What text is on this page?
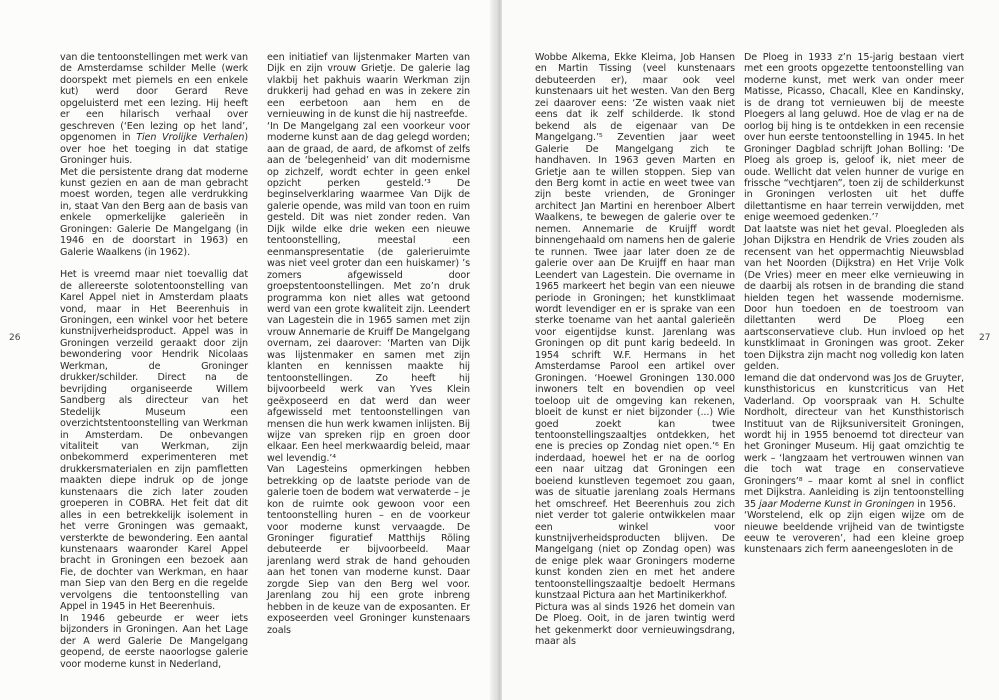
26

van die tentoonstellingen met werk van de Amsterdamse schilder Melle (werk doorspekt met piemels en een enkele kut) werd door Gerard Reve opgeluisterd met een lezing. Hij heeft er een hilarisch verhaal over geschreven (‘Een lezing op het land’, opgenomen in Tien Vrolijke Verhalen) over hoe het toeging in dat statige Groninger huis.

Met die persistente drang dat moderne kunst gezien en aan de man gebracht moest worden, tegen alle verdrukking in, staat Van den Berg aan de basis van enkele opmerkelijke galerieën in Groningen: Galerie De Mangelgang (in 1946 en de doorstart in 1963) en Galerie Waalkens (in 1962).

Het is vreemd maar niet toevallig dat de allereerste solotentoonstelling van Karel Appel niet in Amsterdam plaats vond, maar in Het Beerenhuis in Groningen, een winkel voor het betere kunstnijverheidsproduct. Appel was in Groningen verzeild geraakt door zijn bewondering voor Hendrik Nicolaas Werkman, de Groninger drukker/schilder. Direct na de bevrijding organiseerde Willem Sandberg als directeur van het Stedelijk Museum een overzichtstentoonstelling van Werkman in Amsterdam. De onbevangen vitaliteit van Werkman, zijn onbekommerd experimenteren met drukkersmaterialen en zijn pamfletten maakten diepe indruk op de jonge kunstenaars die zich later zouden groeperen in COBRA. Het feit dat dit alles in een betrekkelijk isolement in het verre Groningen was gemaakt, versterkte de bewondering. Een aantal kunstenaars waaronder Karel Appel bracht in Groningen een bezoek aan Fie, de dochter van Werkman, en haar man Siep van den Berg en die regelde vervolgens die tentoonstelling van Appel in 1945 in Het Beerenhuis.

In 1946 gebeurde er weer iets bijzonders in Groningen. Aan het Lage der A werd Galerie De Mangelgang geopend, de eerste naoorlogse galerie voor moderne kunst in Nederland,

een initiatief van lijstenmaker Marten van Dijk en zijn vrouw Grietje. De galerie lag vlakbij het pakhuis waarin Werkman zijn drukkerij had gehad en was in zekere zin een eerbetoon aan hem en de vernieuwing in de kunst die hij nastreefde.

‘In De Mangelgang zal een voorkeur voor moderne kunst aan de dag gelegd worden; aan de graad, de aard, de afkomst of zelfs aan de ‘belegenheid’ van dit modernisme op zichzelf, wordt echter in geen enkel opzicht perken gesteld.’³ De beginselverklaring waarmee Van Dijk de galerie opende, was mild van toon en ruim gesteld. Dit was niet zonder reden. Van Dijk wilde elke drie weken een nieuwe tentoonstelling, meestal een eenmanspresentatie (de galerieruimte was niet veel groter dan een huiskamer) ’s zomers afgewisseld door groepstentoonstellingen. Met zo’n druk programma kon niet alles wat getoond werd van een grote kwaliteit zijn. Leendert van Lagestein die in 1965 samen met zijn vrouw Annemarie de Kruiff De Mangelgang overnam, zei daarover: ‘Marten van Dijk was lijstenmaker en samen met zijn klanten en kennissen maakte hij tentoonstellingen. Zo heeft hij bijvoorbeeld werk van Yves Klein geëxposeerd en dat werd dan weer afgewisseld met tentoonstellingen van mensen die hun werk kwamen inlijsten. Bij wijze van spreken rijp en groen door elkaar. Een heel merkwaardig beleid, maar wel levendig.’⁴

Van Lagesteins opmerkingen hebben betrekking op de laatste periode van de galerie toen de bodem wat verwaterde – je kon de ruimte ook gewoon voor een tentoonstelling huren – en de voorkeur voor moderne kunst vervaagde. De Groninger figuratief Matthijs Röling debuteerde er bijvoorbeeld. Maar jarenlang werd strak de hand gehouden aan het tonen van moderne kunst. Daar zorgde Siep van den Berg wel voor. Jarenlang zou hij een grote inbreng hebben in de keuze van de exposanten. Er exposeerden veel Groninger kunstenaars zoals

27

Wobbe Alkema, Ekke Kleima, Job Hansen en Martin Tissing (veel kunstenaars debuteerden er), maar ook veel kunstenaars uit het westen. Van den Berg zei daarover eens: ‘Ze wisten vaak niet eens dat ik zelf schilderde. Ik stond bekend als de eigenaar van De Mangelgang.’⁵ Zeventien jaar weet Galerie De Mangelgang zich te handhaven. In 1963 geven Marten en Grietje aan te willen stoppen. Siep van den Berg komt in actie en weet twee van zijn beste vrienden, de Groninger architect Jan Martini en herenboer Albert Waalkens, te bewegen de galerie over te nemen. Annemarie de Kruijff wordt binnengehaald om namens hen de galerie te runnen. Twee jaar later doen ze de galerie over aan De Kruijff en haar man Leendert van Lagestein. Die overname in 1965 markeert het begin van een nieuwe periode in Groningen; het kunstklimaat wordt levendiger en er is sprake van een sterke toename van het aantal galerieën voor eigentijdse kunst. Jarenlang was Groningen op dit punt karig bedeeld. In 1954 schrift W.F. Hermans in het Amsterdamse Parool een artikel over Groningen. ‘Hoewel Groningen 130.000 inwoners telt en bovendien op veel toeloop uit de omgeving kan rekenen, bloeit de kunst er niet bijzonder (...) Wie goed zoekt kan twee tentoonstellingszaaltjes ontdekken, het ene is precies op Zondag niet open.’⁶ En inderdaad, hoewel het er na de oorlog een naar uitzag dat Groningen een boeiend kunstleven tegemoet zou gaan, was de situatie jarenlang zoals Hermans het omschreef. Het Beerenhuis zou zich niet verder tot galerie ontwikkelen maar een winkel voor kunstnijverheidsproducten blijven. De Mangelgang (niet op Zondag open) was de enige plek waar Groningers moderne kunst konden zien en met het andere tentoonstellingszaaltje bedoelt Hermans kunstzaal Pictura aan het Martinikerkhof.

Pictura was al sinds 1926 het domein van De Ploeg. Ooit, in de jaren twintig werd het gekenmerkt door vernieuwingsdrang, maar als

De Ploeg in 1933 z’n 15-jarig bestaan viert met een groots opgezette tentoonstelling van moderne kunst, met werk van onder meer Matisse, Picasso, Chacall, Klee en Kandinsky, is de drang tot vernieuwen bij de meeste Ploegers al lang geluwd. Hoe de vlag er na de oorlog bij hing is te ontdekken in een recensie over hun eerste tentoonstelling in 1945. In het Groninger Dagblad schrijft Johan Bolling: ‘De Ploeg als groep is, geloof ik, niet meer de oude. Wellicht dat velen hunner de vurige en frissche “vechtjaren”, toen zij de schilderkunst in Groningen verlosten uit het duffe dilettantisme en haar terrein verwijdden, met enige weemoed gedenken.’⁷

Dat laatste was niet het geval. Ploegleden als Johan Dijkstra en Hendrik de Vries zouden als recensent van het oppermachtig Nieuwsblad van het Noorden (Dijkstra) en Het Vrije Volk (De Vries) meer en meer elke vernieuwing in de daarbij als rotsen in de branding die stand hielden tegen het wassende modernisme. Door hun toedoen en de toestroom van dilettanten werd De Ploeg een aartsconservatieve club. Hun invloed op het kunstklimaat in Groningen was groot. Zeker toen Dijkstra zijn macht nog volledig kon laten gelden.

Iemand die dat ondervond was Jos de Gruyter, kunsthistoricus en kunstcriticus van Het Vaderland. Op voorspraak van H. Schulte Nordholt, directeur van het Kunsthistorisch Instituut van de Rijksuniversiteit Groningen, wordt hij in 1955 benoemd tot directeur van het Groninger Museum. Hij gaat omzichtig te werk – ‘langzaam het vertrouwen winnen van die toch wat trage en conservatieve Groningers’⁸ – maar komt al snel in conflict met Dijkstra. Aanleiding is zijn tentoonstelling 35 jaar Moderne Kunst in Groningen in 1956.

‘Worstelend, elk op zijn eigen wijze om de nieuwe beeldende vrijheid van de twintigste eeuw te veroveren’, had een kleine groep kunstenaars zich ferm aaneengesloten in de
